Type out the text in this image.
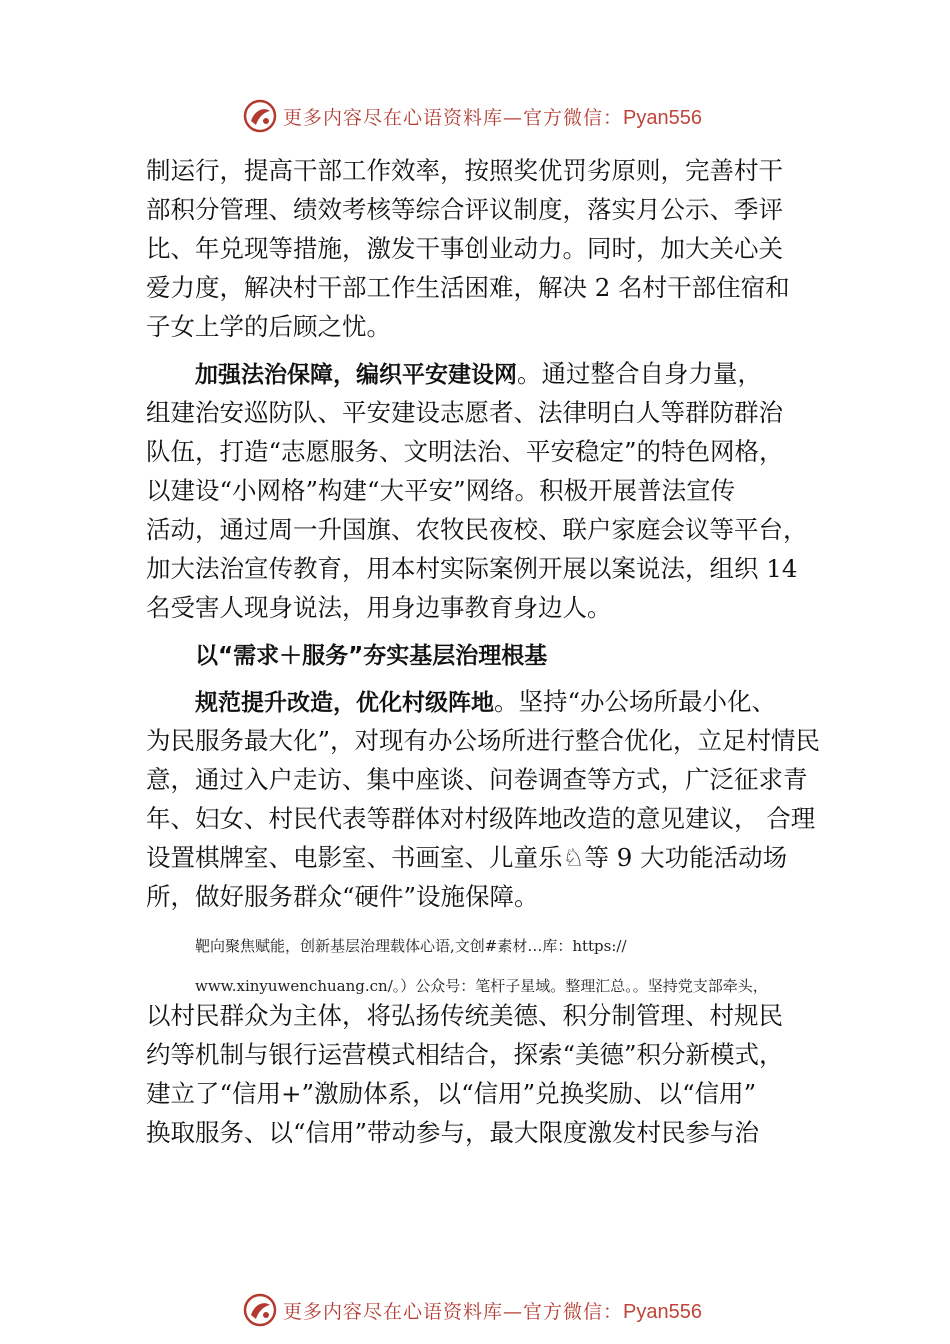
更多内容尽在心语资料库—官方微信：Pyan556
制运行，提高干部工作效率，按照奖优罚劣原则，完善村干
部积分管理、绩效考核等综合评议制度，落实月公示、季评
比、年兑现等措施，激发干事创业动力。同时，加大关心关
爱力度，解决村干部工作生活困难，解决 2 名村干部住宿和
子女上学的后顾之忧。
加强法治保障，编织平安建设网。通过整合自身力量，
组建治安巡防队、平安建设志愿者、法律明白人等群防群治
队伍，打造“志愿服务、文明法治、平安稳定”的特色网格，
以建设“小网格”构建“大平安”网络。积极开展普法宣传
活动，通过周一升国旗、农牧民夜校、联户家庭会议等平台，
加大法治宣传教育，用本村实际案例开展以案说法，组织 14
名受害人现身说法，用身边事教育身边人。
以“需求＋服务”夯实基层治理根基
规范提升改造，优化村级阵地。坚持“办公场所最小化、
为民服务最大化”，对现有办公场所进行整合优化，立足村情民
意，通过入户走访、集中座谈、问卷调查等方式，广泛征求青
年、妇女、村民代表等群体对村级阵地改造的意见建议， 合理
设置棋牌室、电影室、书画室、儿童乐♘等 9 大功能活动场
所，做好服务群众“硬件”设施保障。
靶向聚焦赋能，创新基层治理载体心语,文创#素材…库：https://
www.xinyuwenchuang.cn/。）公众号：笔杆子星域。整理汇总。。坚持党支部牵头，
以村民群众为主体，将弘扬传统美德、积分制管理、村规民
约等机制与银行运营模式相结合，探索“美德”积分新模式，
建立了“信用+”激励体系，以“信用”兑换奖励、以“信用”
换取服务、以“信用”带动参与，最大限度激发村民参与治
更多内容尽在心语资料库—官方微信：Pyan556
